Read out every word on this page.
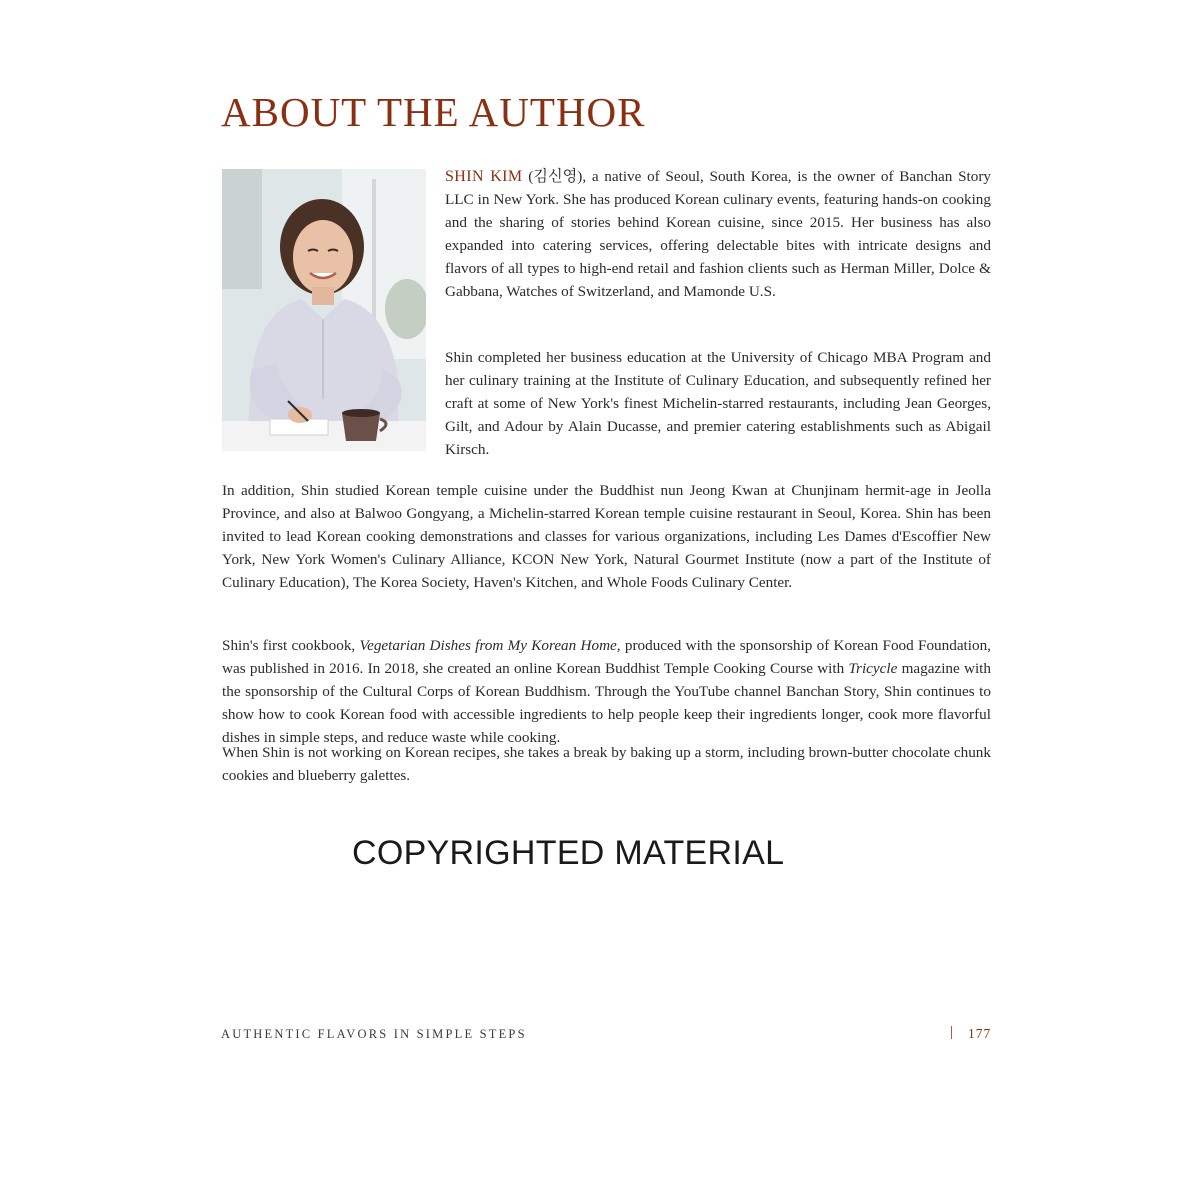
ABOUT THE AUTHOR

SHIN KIM (김신영), a native of Seoul, South Korea, is the owner of Banchan Story LLC in New York. She has produced Korean culinary events, featuring hands-on cooking and the sharing of stories behind Korean cuisine, since 2015. Her business has also expanded into catering services, offering delectable bites with intricate designs and flavors of all types to high-end retail and fashion clients such as Herman Miller, Dolce & Gabbana, Watches of Switzerland, and Mamonde U.S.

Shin completed her business education at the University of Chicago MBA Program and her culinary training at the Institute of Culinary Education, and subsequently refined her craft at some of New York's finest Michelin-starred restaurants, including Jean Georges, Gilt, and Adour by Alain Ducasse, and premier catering establishments such as Abigail Kirsch.

In addition, Shin studied Korean temple cuisine under the Buddhist nun Jeong Kwan at Chunjinam hermit-age in Jeolla Province, and also at Balwoo Gongyang, a Michelin-starred Korean temple cuisine restaurant in Seoul, Korea. Shin has been invited to lead Korean cooking demonstrations and classes for various organizations, including Les Dames d'Escoffier New York, New York Women's Culinary Alliance, KCON New York, Natural Gourmet Institute (now a part of the Institute of Culinary Education), The Korea Society, Haven's Kitchen, and Whole Foods Culinary Center.

Shin's first cookbook, Vegetarian Dishes from My Korean Home, produced with the sponsorship of Korean Food Foundation, was published in 2016. In 2018, she created an online Korean Buddhist Temple Cooking Course with Tricycle magazine with the sponsorship of the Cultural Corps of Korean Buddhism. Through the YouTube channel Banchan Story, Shin continues to show how to cook Korean food with accessible ingredients to help people keep their ingredients longer, cook more flavorful dishes in simple steps, and reduce waste while cooking.

When Shin is not working on Korean recipes, she takes a break by baking up a storm, including brown-butter chocolate chunk cookies and blueberry galettes.

COPYRIGHTED MATERIAL

AUTHENTIC FLAVORS IN SIMPLE STEPS	| 177
